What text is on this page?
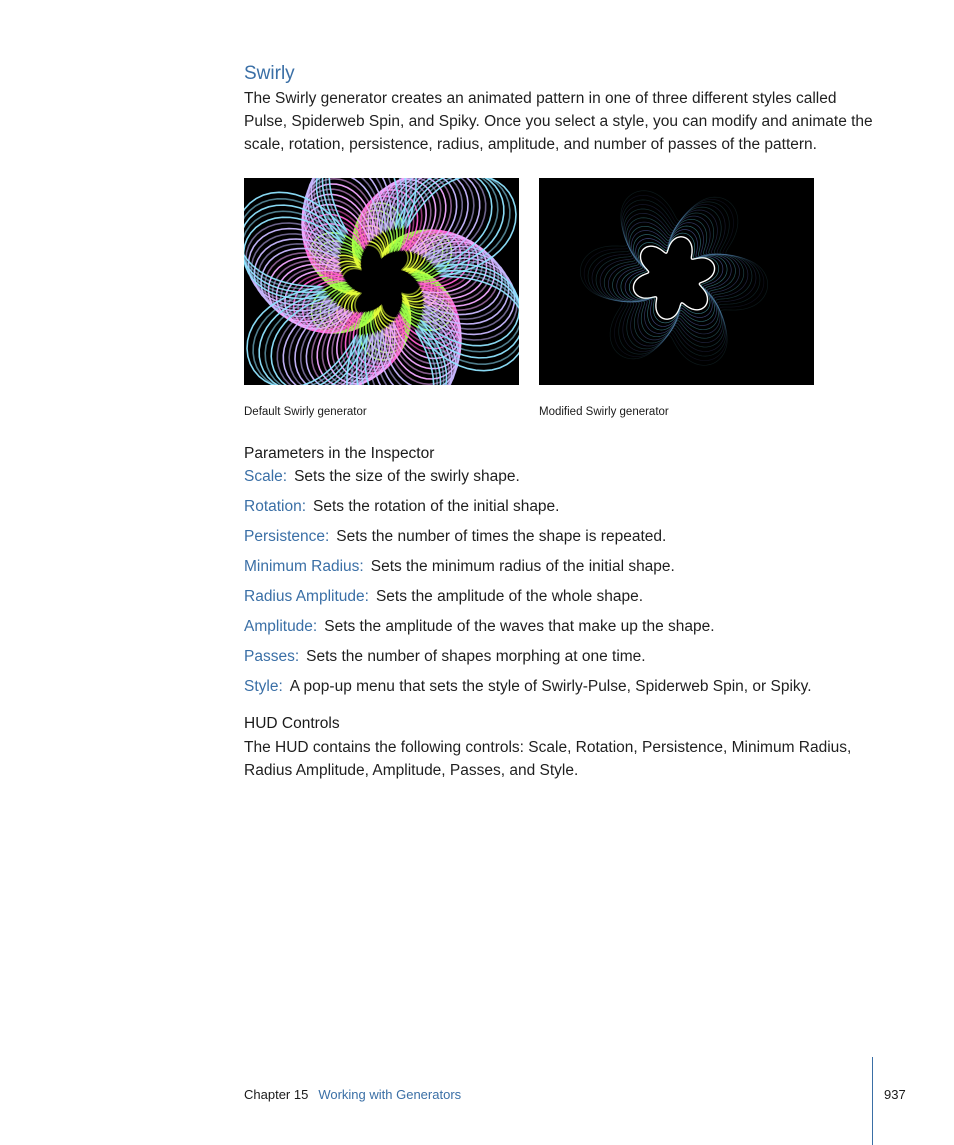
Swirly

The Swirly generator creates an animated pattern in one of three different styles called Pulse, Spiderweb Spin, and Spiky. Once you select a style, you can modify and animate the scale, rotation, persistence, radius, amplitude, and number of passes of the pattern.

Default Swirly generator	Modified Swirly generator

Parameters in the Inspector
Scale: Sets the size of the swirly shape.
Rotation: Sets the rotation of the initial shape.
Persistence: Sets the number of times the shape is repeated.
Minimum Radius: Sets the minimum radius of the initial shape.
Radius Amplitude: Sets the amplitude of the whole shape.
Amplitude: Sets the amplitude of the waves that make up the shape.
Passes: Sets the number of shapes morphing at one time.
Style: A pop-up menu that sets the style of Swirly-Pulse, Spiderweb Spin, or Spiky.
HUD Controls

The HUD contains the following controls: Scale, Rotation, Persistence, Minimum Radius, Radius Amplitude, Amplitude, Passes, and Style.

Chapter 15 Working with Generators	937
